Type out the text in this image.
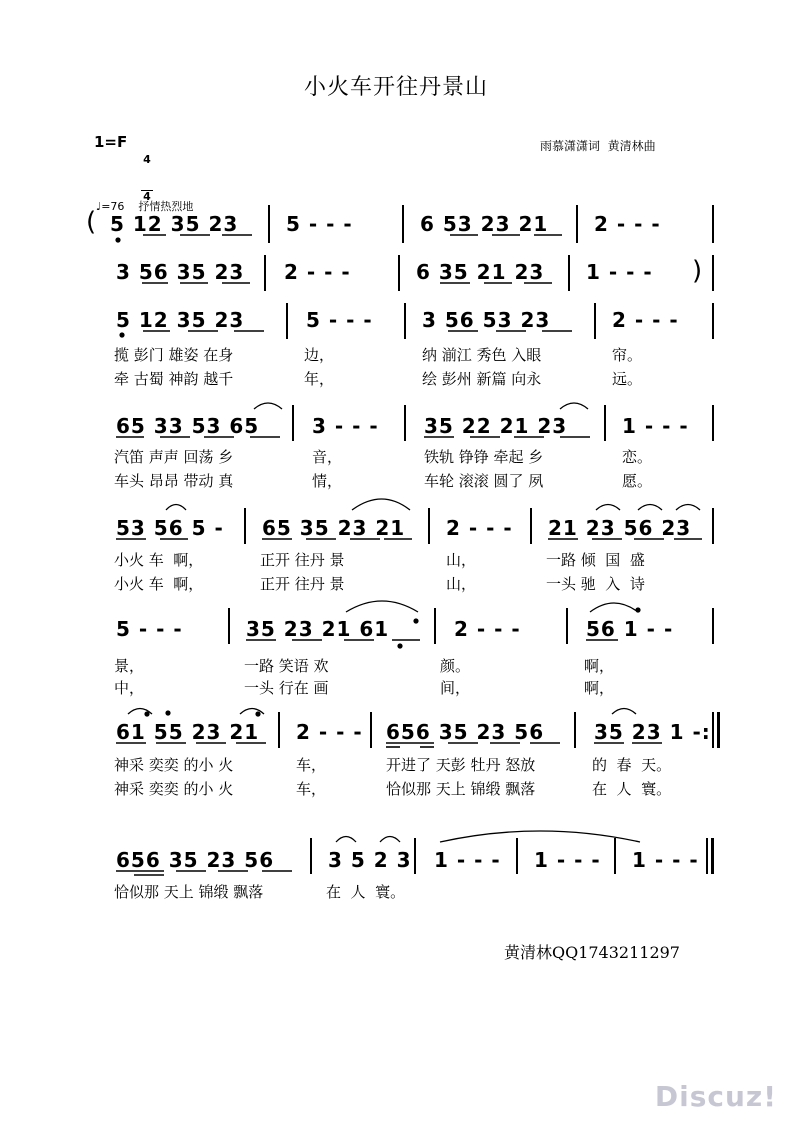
小火车开往丹景山
1=F

4

4

雨慕潇潇词  黄清林曲

♩=76 抒情热烈地

( 5 12 35 23 5 - - -	6 53 23 21 2 - - -
3 56 35 23 2 - - -	6 35 21 23 1 - - - )
5 12 35 23	5 - - - 3 56 53 23	2 - - -
揽 彭门 雄姿 在身	边，	纳 湔江 秀色 入眼	帘。
牵 古蜀 神韵 越千	年，	绘 彭州 新篇 向永	远。
65 33 53 65	3 - - - 35 22 21 23	1 - - -
汽笛 声声 回荡 乡	音，	铁轨 铮铮 牵起 乡	恋。
车头 昂昂 带动 真	情，	车轮 滚滚 圆了 夙	愿。
53 56 5 - 65 35 23 21 2 - - - 21 23 56 23
小火 车  啊，	正开 往丹 景	山，	一路 倾  国  盛
小火 车  啊，	正开 往丹 景	山，	一头 驰  入  诗
5 - - -	35 23 21 61	2 - - -	56 1 - -
景，	一路 笑语 欢	颜。	啊，
中，	一头 行在 画	间，	啊，
61 55 23 21 2 - - - 656 35 23 56 35 23 1 -:
神采 奕奕 的小 火	车，	开进了 天彭 牡丹 怒放	的  春  天。
神采 奕奕 的小 火	车，	恰似那 天上 锦缎 飘落	在  人  寰。
656 35 23 56	3 5 2 3 1 - - - 1 - - - 1 - - -
恰似那 天上 锦缎 飘落	在  人  寰。
黄清林QQ1743211297
Discuz!
